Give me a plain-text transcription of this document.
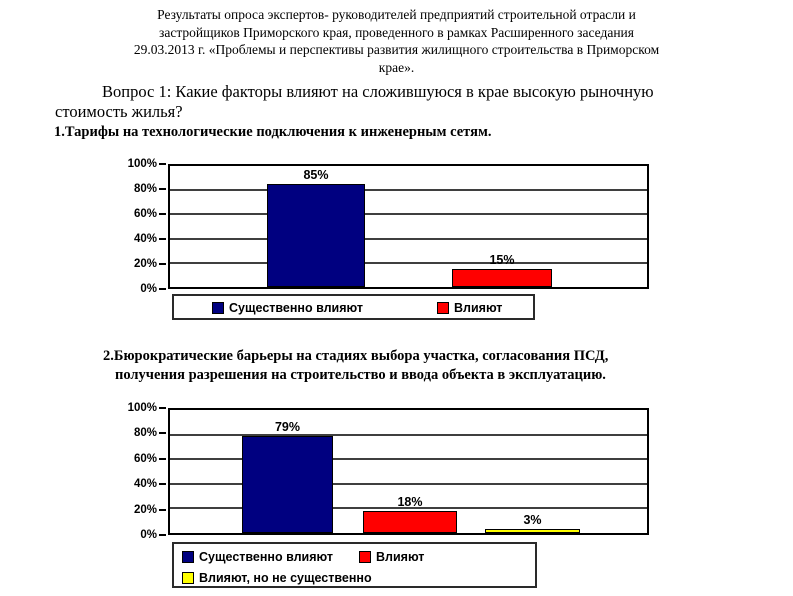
Результаты опроса экспертов- руководителей предприятий строительной отрасли и
застройщиков Приморского края, проведенного в рамках Расширенного заседания
29.03.2013 г. «Проблемы и перспективы развития жилищного строительства в Приморском
крае».
Вопрос 1: Какие факторы влияют на сложившуюся в крае высокую рыночную
стоимость жилья?
1.Тарифы на технологические подключения к инженерным сетям.
100%
80%
60%
40%
20%
0%
85%
15%
Существенно влияют	Влияют
2.Бюрократические барьеры на стадиях выбора участка, согласования ПСД,
получения разрешения на строительство и ввода объекта в эксплуатацию.
100%
80%
60%
40%
20%
0%
79%
18%
3%
Существенно влияют	Влияют
Влияют, но не существенно
